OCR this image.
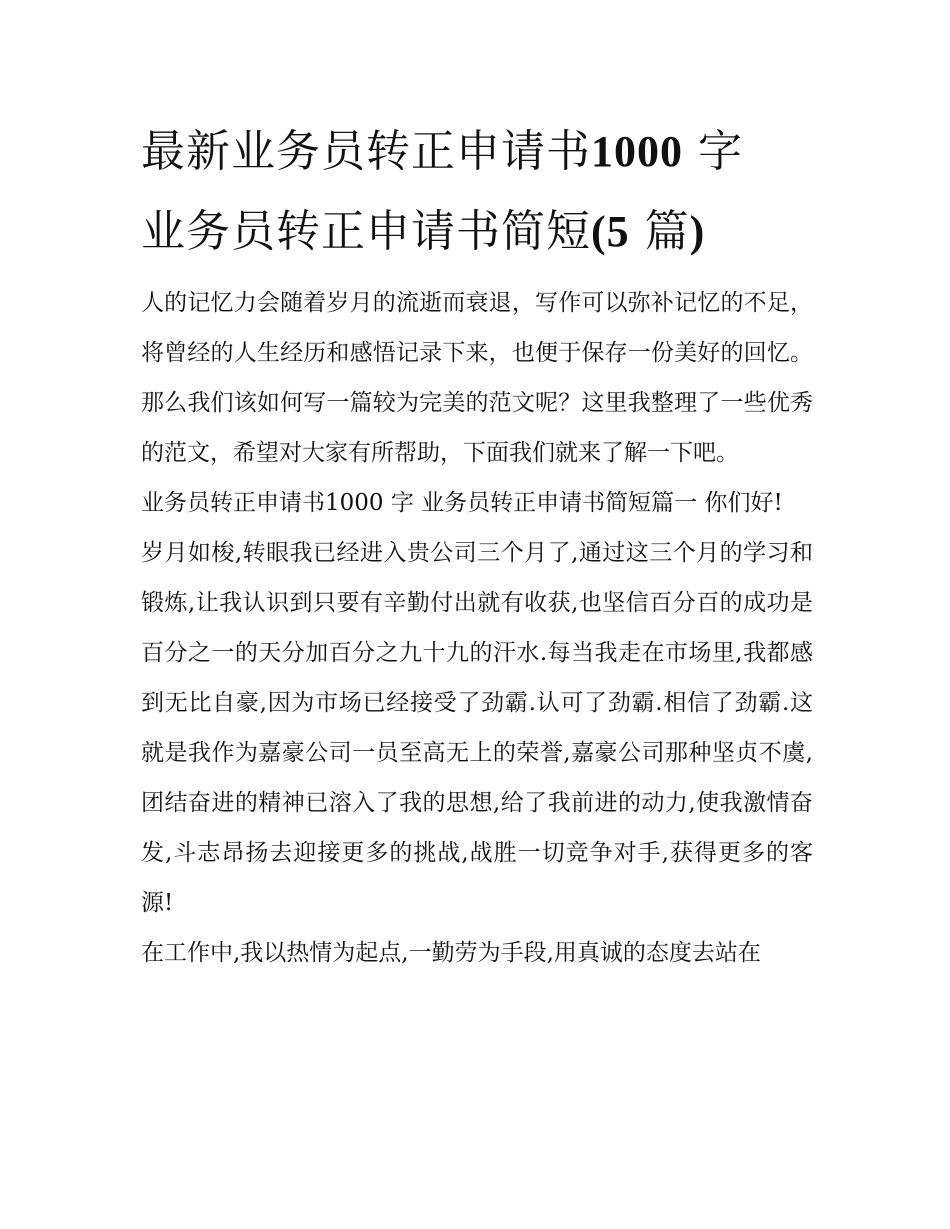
最新业务员转正申请书1000 字
业务员转正申请书简短(5 篇)

人的记忆力会随着岁月的流逝而衰退，写作可以弥补记忆的不足，将曾经的人生经历和感悟记录下来，也便于保存一份美好的回忆。那么我们该如何写一篇较为完美的范文呢？这里我整理了一些优秀的范文，希望对大家有所帮助，下面我们就来了解一下吧。

业务员转正申请书1000 字 业务员转正申请书简短篇一 你们好!

岁月如梭,转眼我已经进入贵公司三个月了,通过这三个月的学习和锻炼,让我认识到只要有辛勤付出就有收获,也坚信百分百的成功是百分之一的天分加百分之九十九的汗水.每当我走在市场里,我都感到无比自豪,因为市场已经接受了劲霸.认可了劲霸.相信了劲霸.这就是我作为嘉豪公司一员至高无上的荣誉,嘉豪公司那种坚贞不虞,团结奋进的精神已溶入了我的思想,给了我前进的动力,使我激情奋发,斗志昂扬去迎接更多的挑战,战胜一切竞争对手,获得更多的客源!

在工作中,我以热情为起点,一勤劳为手段,用真诚的态度去站在
